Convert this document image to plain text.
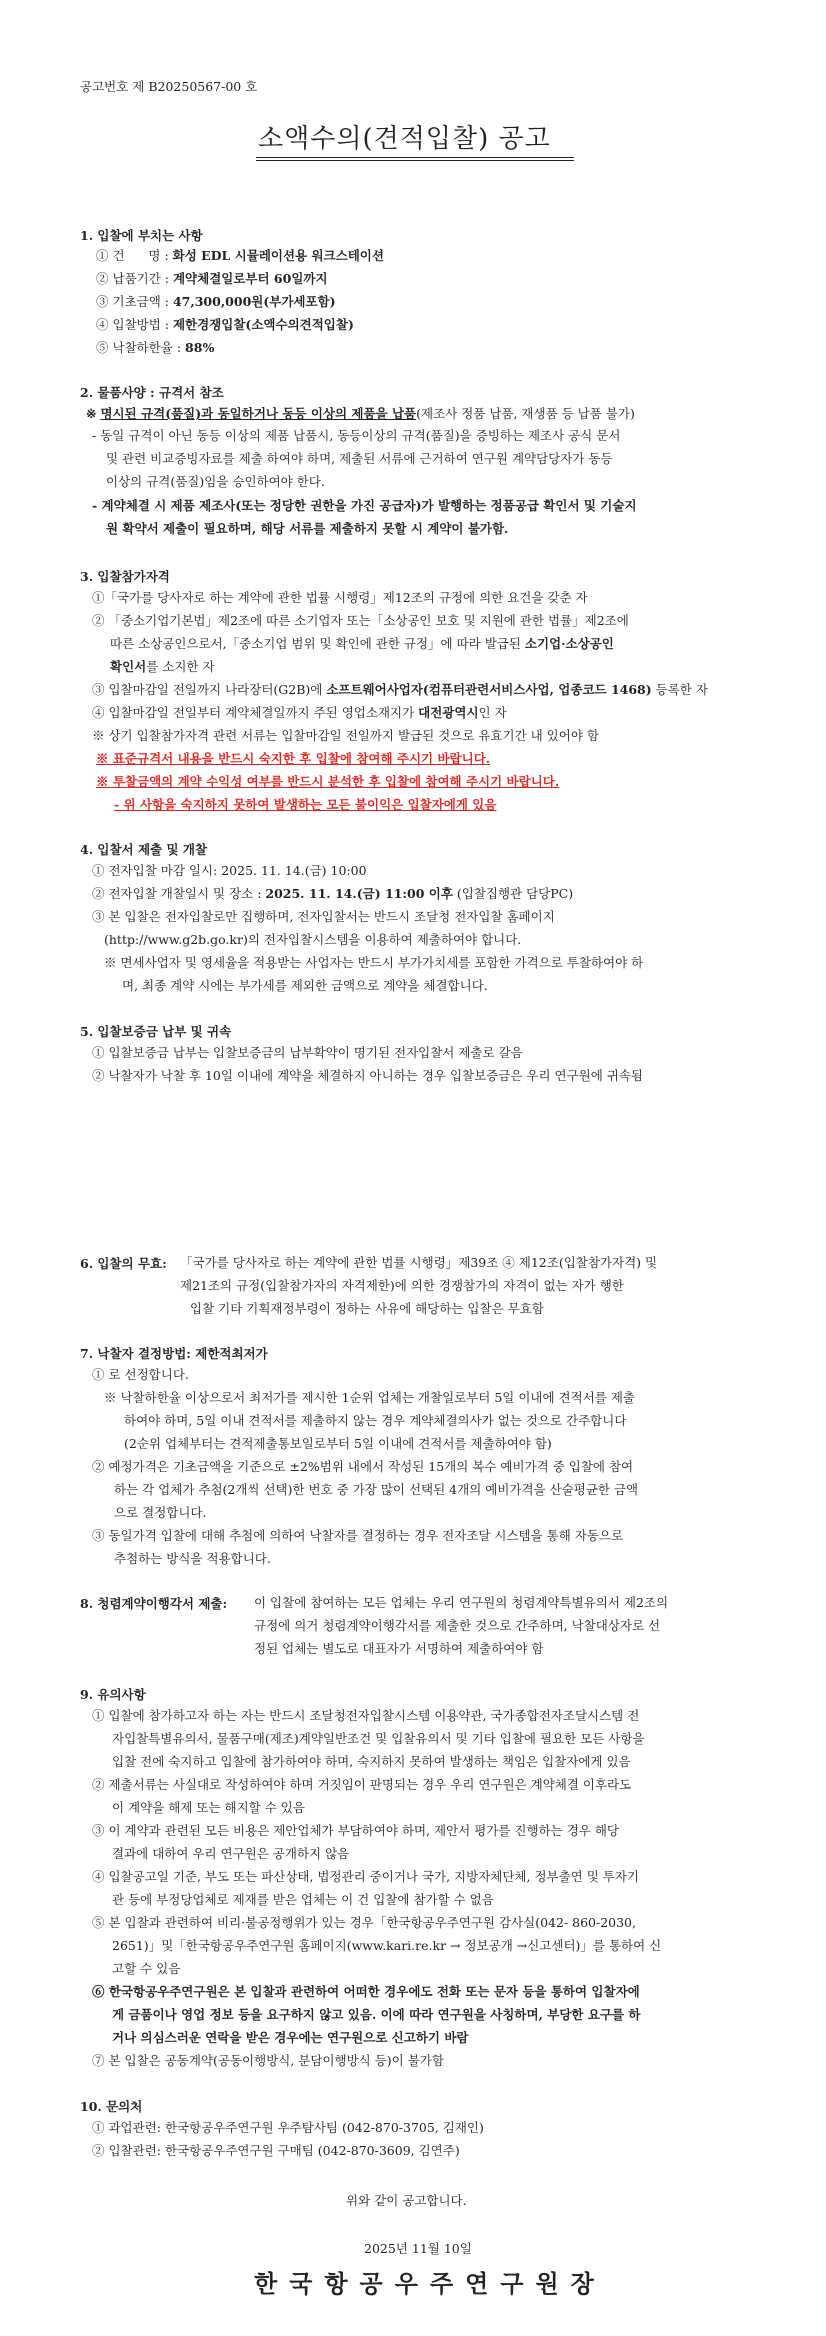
공고번호 제 B20250567-00 호
소액수의(견적입찰) 공고
1. 입찰에 부치는 사항
① 건      명 : 화성 EDL 시뮬레이션용 워크스테이션
② 납품기간 : 계약체결일로부터 60일까지
③ 기초금액 : 47,300,000원(부가세포함)
④ 입찰방법 : 제한경쟁입찰(소액수의견적입찰)
⑤ 낙찰하한율 : 88%
2. 물품사양 : 규격서 참조
※ 명시된 규격(품질)과 동일하거나 동등 이상의 제품을 납품(제조사 정품 납품, 재생품 등 납품 불가)
- 동일 규격이 아닌 동등 이상의 제품 납품시, 동등이상의 규격(품질)을 증빙하는 제조사 공식 문서
및 관련 비교증빙자료를 제출 하여야 하며, 제출된 서류에 근거하여 연구원 계약담당자가 동등
이상의 규격(품질)임을 승인하여야 한다.
- 계약체결 시 제품 제조사(또는 정당한 권한을 가진 공급자)가 발행하는 정품공급 확인서 및 기술지
원 확약서 제출이 필요하며, 해당 서류를 제출하지 못할 시 계약이 불가함.
3. 입찰참가자격
①「국가를 당사자로 하는 계약에 관한 법률 시행령」제12조의 규정에 의한 요건을 갖춘 자
② 「중소기업기본법」제2조에 따른 소기업자 또는「소상공인 보호 및 지원에 관한 법률」제2조에
따른 소상공인으로서,「중소기업 범위 및 확인에 관한 규정」에 따라 발급된 소기업·소상공인
확인서를 소지한 자
③ 입찰마감일 전일까지 나라장터(G2B)에 소프트웨어사업자(컴퓨터관련서비스사업, 업종코드 1468) 등록한 자
④ 입찰마감일 전일부터 계약체결일까지 주된 영업소재지가 대전광역시인 자
※ 상기 입찰참가자격 관련 서류는 입찰마감일 전일까지 발급된 것으로 유효기간 내 있어야 함
※ 표준규격서 내용을 반드시 숙지한 후 입찰에 참여해 주시기 바랍니다.
※ 투찰금액의 계약 수익성 여부를 반드시 분석한 후 입찰에 참여해 주시기 바랍니다.
- 위 사항을 숙지하지 못하여 발생하는 모든 불이익은 입찰자에게 있음
4. 입찰서 제출 및 개찰
① 전자입찰 마감 일시: 2025. 11. 14.(금) 10:00
② 전자입찰 개찰일시 및 장소 : 2025. 11. 14.(금) 11:00 이후 (입찰집행관 담당PC)
③ 본 입찰은 전자입찰로만 집행하며, 전자입찰서는 반드시 조달청 전자입찰 홈페이지
(http://www.g2b.go.kr)의 전자입찰시스템을 이용하여 제출하여야 합니다.
※ 면세사업자 및 영세율을 적용받는 사업자는 반드시 부가가치세를 포함한 가격으로 투찰하여야 하
며, 최종 계약 시에는 부가세를 제외한 금액으로 계약을 체결합니다.
5. 입찰보증금 납부 및 귀속
① 입찰보증금 납부는 입찰보증금의 납부확약이 명기된 전자입찰서 제출로 갈음
② 낙찰자가 낙찰 후 10일 이내에 계약을 체결하지 아니하는 경우 입찰보증금은 우리 연구원에 귀속됨
6. 입찰의 무효: 「국가를 당사자로 하는 계약에 관한 법률 시행령」제39조 ④ 제12조(입찰참가자격) 및
제21조의 규정(입찰참가자의 자격제한)에 의한 경쟁참가의 자격이 없는 자가 행한
입찰 기타 기획재정부령이 정하는 사유에 해당하는 입찰은 무효함
7. 낙찰자 결정방법: 제한적최저가
① 로 선정합니다.
※ 낙찰하한율 이상으로서 최저가를 제시한 1순위 업체는 개찰일로부터 5일 이내에 견적서를 제출
하여야 하며, 5일 이내 견적서를 제출하지 않는 경우 계약체결의사가 없는 것으로 간주합니다
(2순위 업체부터는 견적제출통보일로부터 5일 이내에 견적서를 제출하여야 함)
② 예정가격은 기초금액을 기준으로 ±2%범위 내에서 작성된 15개의 복수 예비가격 중 입찰에 참여
하는 각 업체가 추첨(2개씩 선택)한 번호 중 가장 많이 선택된 4개의 예비가격을 산술평균한 금액
으로 결정합니다.
③ 동일가격 입찰에 대해 추첨에 의하여 낙찰자를 결정하는 경우 전자조달 시스템을 통해 자동으로
추첨하는 방식을 적용합니다.
8. 청렴계약이행각서 제출: 이 입찰에 참여하는 모든 업체는 우리 연구원의 청렴계약특별유의서 제2조의
규정에 의거 청렴계약이행각서를 제출한 것으로 간주하며, 낙찰대상자로 선
정된 업체는 별도로 대표자가 서명하여 제출하여야 함
9. 유의사항
① 입찰에 참가하고자 하는 자는 반드시 조달청전자입찰시스템 이용약관, 국가종합전자조달시스템 전
자입찰특별유의서, 물품구매(제조)계약일반조건 및 입찰유의서 및 기타 입찰에 필요한 모든 사항을
입찰 전에 숙지하고 입찰에 참가하여야 하며, 숙지하지 못하여 발생하는 책임은 입찰자에게 있음
② 제출서류는 사실대로 작성하여야 하며 거짓임이 판명되는 경우 우리 연구원은 계약체결 이후라도
이 계약을 해제 또는 해지할 수 있음
③ 이 계약과 관련된 모든 비용은 제안업체가 부담하여야 하며, 제안서 평가를 진행하는 경우 해당
결과에 대하여 우리 연구원은 공개하지 않음
④ 입찰공고일 기준, 부도 또는 파산상태, 법정관리 중이거나 국가, 지방자체단체, 정부출연 및 투자기
관 등에 부정당업체로 제재를 받은 업체는 이 건 입찰에 참가할 수 없음
⑤ 본 입찰과 관련하여 비리·불공정행위가 있는 경우「한국항공우주연구원 감사실(042- 860-2030,
2651)」및「한국항공우주연구원 홈페이지(www.kari.re.kr → 정보공개 →신고센터)」를 통하여 신
고할 수 있음
⑥ 한국항공우주연구원은 본 입찰과 관련하여 어떠한 경우에도 전화 또는 문자 등을 통하여 입찰자에
게 금품이나 영업 정보 등을 요구하지 않고 있음. 이에 따라 연구원을 사칭하며, 부당한 요구를 하
거나 의심스러운 연락을 받은 경우에는 연구원으로 신고하기 바람
⑦ 본 입찰은 공동계약(공동이행방식, 분담이행방식 등)이 불가함
10. 문의처
① 과업관련: 한국항공우주연구원 우주탐사팀 (042-870-3705, 김재인)
② 입찰관련: 한국항공우주연구원 구매팀 (042-870-3609, 김연주)
위와 같이 공고합니다.
2025년 11월 10일
한국항공우주연구원장
